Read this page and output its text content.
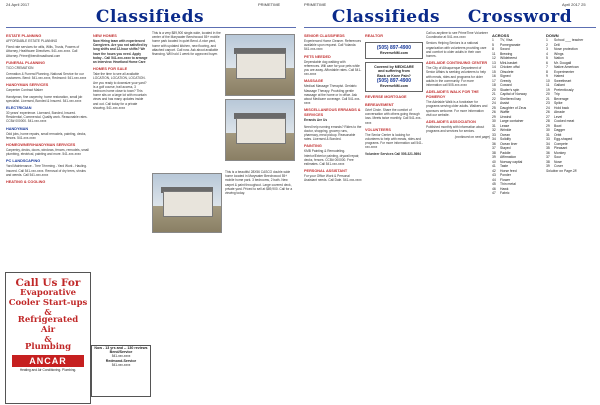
24 April 2017	PRIMETIME
Classifieds
ESTATE PLANNING
AFFORDABLE ESTATE PLANNING
Fixed rate services for wills, Wills, Trusts, Powers of Attorney, Healthcare Directives. 541-xxx-xxxx. Call Attorney. Prime@bendbroadband.com
FUNERAL PLANNING
TICO CREMATION
Cremation & Funeral Planning. National Service for our customers. Bend: 541-xxx-xxxx, Redmond: 541-xxx-xxxx
HANDYMAN SERVICES
Carpenter Contract Maker
Handyman, fine carpentry, home restoration, small job specialist. Licensed, Bonded & Insured. 541-xxx-xxxx
ELECTRICIAN
30 years' experience. Licensed, Bonded, Insured. Residential, Commercial. Quality work. Reasonable rates. CCB# 000000. 541-xxx-xxxx
HANDYMAN
Odd jobs, home repairs, small remodels, painting, decks, fences. 541-xxx-xxxx
HOMEOWNER/HANDYMAN SERVICES
Carpentry, decks, doors, windows, fences, remodels, small plumbing, electrical, painting and more. 541-xxx-xxxx
PC LANDSCAPING
Yard Maintenance - Tree Trimming - Yard Work - Hauling. Insured. Call 541-xxx-xxxx. Removal of dry trees, shrubs and weeds. Call 541-xxx-xxxx
HEATING & COOLING
NEW HOMES
Now Hiring team with experienced Caregivers. Are you not satisfied by long shifts and 12-hour shifts? We have the hours you need. Apply today - Call 541-xxx-xxxx to arrange an interview. Heartland Home Care
HOMES FOR SALE
Take the time to see all available LOCATION, LOCATION, LOCATION. Are you ready to downsize your yard? Is a golf course, trail access, 3 bedroom home close to town? This home sits on a large lot with mountain views and has many updates inside and out. Call today for a private showing. 541-xxx-xxxx
Now - 13 yrs and -- 130 reviews
Bend/Service
541-xxx-xxxx
Redmond-Service
541-xxx-xxxx
This is a very $89,900 single-wide, located in the center of the Marywater Beechwood 55+ mobile home park located in quiet Bend. A nice yard, home with updated kitchen, new flooring, and attached carport. Call now. Ask about available financing. Will hold 1 week for approved buyer.
This is a beautiful 28X56 CASCO double-wide home located in Marywater Beechwood 55+ mobile home park. 3 bedrooms, 2 bath. New carpet & paint throughout. Large covered deck, private yard. Priced to sell at $89,900. Call for a viewing today.
Call Us For
Evaporative
Cooler Start-ups
&
Refrigerated
Air
&
Plumbing
ANCAR
Heating and Air Conditioning. Plumbing.
PRIMETIME	April 2017 25
Classifieds	Crossword
SENIOR CLASSIFIEDS
Experienced Home Cleaner. References available upon request. Call Yolanda 541-xxx-xxxx
PETS NEEDED
Dependable dog walking with references. Will care for your pets while you are away. Affordable rates. Call 541-xxx-xxxx
MASSAGE
Medical Massage Therapist. Geriatric Massage Therapy. Providing gentle massage at the home or in office. Ask about Medicare coverage. Call 541-xxx-xxxx
MISCELLANEOUS ERRANDS & SERVICES
Errands Are Us
Need help running errands? Rides to the doctor, shopping, grocery runs, pharmacy, meal pickup. Reasonable rates. Licensed & Bonded.
PAINTING
KMB Painting & Remodeling. Interior/Exterior painting, drywall repair, decks, fences. CCB# 000000. Free estimates. Call 541-xxx-xxxx
PERSONAL ASSISTANT
For your Office Work & Personal Assistant needs. Call Dale. 541-xxx-xxxx
REALTOR
(505) 897-4900
ReverseNM.com
Covered by MEDICARE
and suffering from
Back or Knee Pain?
(505) 897-4900
ReverseNM.com
REVERSE MORTGAGE
BEREAVEMENT
Grief Circle. Share the comfort of conversation with others going through loss. Meets twice monthly. Call 541-xxx-xxxx
VOLUNTEERS
The Senior Center is looking for volunteers to help with meals, rides and programs. For more information call 541-xxx-xxxx
Volunteer Services Call 505-321-5694
Call us anytime to see PrimeTime Volunteer Coordinator at 541-xxx-xxxx
Seniors Helping Seniors is a national organization with volunteers providing care and comfort to older adults in their own homes.
ADELAIDE CONTINUING CENTER
The City of Albuquerque Department of Senior Affairs is seeking volunteers to help with meals, rides and programs for older adults in the community. For more information call 505-xxx-xxxx
ADELAIDE'S WALK FOR THE POMEROY
The Adelaide Walk is a fundraiser for programs serving older adults. Walkers and sponsors welcome. For more information visit our website.
ADELAIDE'S ASSOCIATION
Published monthly with information about programs and services for seniors.
(continued on next page)
ACROSS
1 TV, Visa
5 Pomegranate
8 Sword
11 Brewing
12 Wildebeest
13 Mini-basket
14 Chicken offal
15 Obsolete
16 Signed
17 Greedy
18 Coward
20 Skater's spin
21 Capital of Norway
22 Sheltered bay
24 Assist
25 Daughter of Zeus
26 Waffle
29 Unwind
30 Large container
31 Lease
32 Wrinkle
33 Ocean
34 Solidify
36 Ocean liner
37 Stayed
38 Paddle
39 Affirmation
40 Norway capital
41 Taste
42 Horse feed
43 Ponder
44 Flower
45 Thin metal
46 Hawk
47 Fabric
DOWN
1 School ___ teacher
2 Drill
3 Nose protection
4 Wings
5 Nation
6 Mr. Dougall
7 Native American
8 Experimenter
9 Hatred
10 Sweetheart
11 Gallant
19 Pretentiously
20 Trip
21 Beverage
23 Spike
24 Hold back
26 Abrade
27 Level
28 Cooked meat
29 Bowl
30 Dagger
31 Orbit
33 Egg-shaped
34 Compete
35 Pleasant
36 Monkey
37 Sour
38 Nose
39 Cover
Solution on Page 28
